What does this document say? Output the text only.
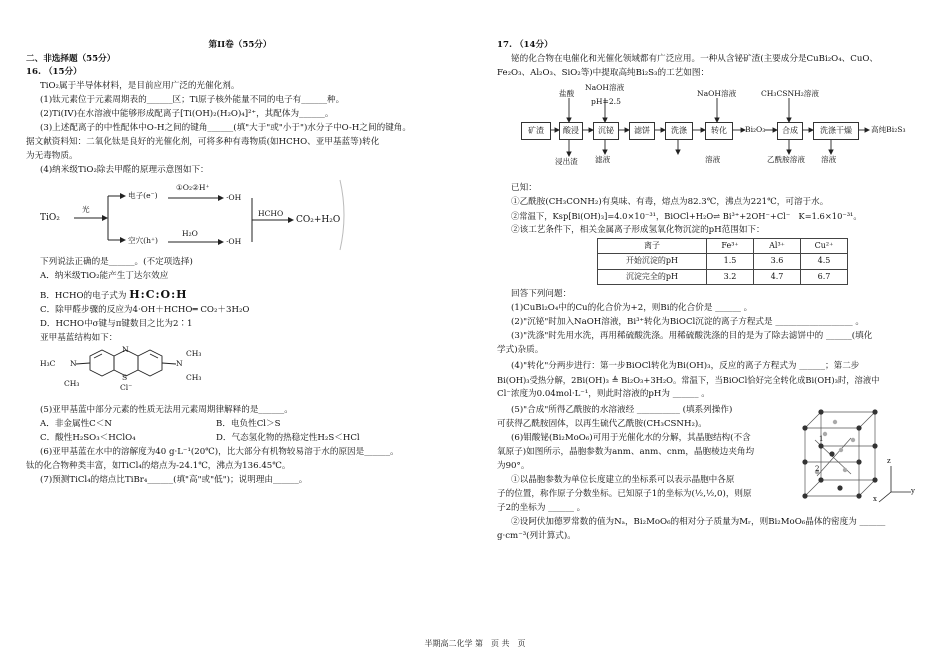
第II卷（55分）

二、非选择题（55分）

16. （15分）

TiO₂属于半导体材料，是目前应用广泛的光催化剂。

(1)钛元素位于元素周期表的______区；Ti原子核外能量不同的电子有______种。

(2)Ti(IV)在水溶液中能够形成配离子[Ti(OH)₂(H₂O)₄]²⁺，其配体为______。

(3)上述配离子的中性配体中O-H之间的键角______(填"大于"或"小于")水分子中O-H之间的键角。

据文献资料知：二氧化钛是良好的光催化剂，可将多种有毒物质(如HCHO、亚甲基蓝等)转化

为无毒物质。

(4)纳米级TiO₂除去甲醛的原理示意图如下：

TiO₂
光
电子(e⁻)
①O₂②H⁺
·OH
空穴(h⁺)
H₂O
·OH
HCHO
CO₂+H₂O

下列说法正确的是______。(不定项选择)

A．纳米级TiO₂能产生丁达尔效应

B．HCHO的电子式为 H:C:O:H

C．除甲醛步骤的反应为4·OH＋HCHO═ CO₂＋3H₂O

D．HCHO中σ键与π键数目之比为2∶1

亚甲基蓝结构如下：

N
S
Cl⁻
H₃C N
CH₃
N
CH₃
CH₃

(5)亚甲基蓝中部分元素的性质无法用元素周期律解释的是______。

A．非金属性C＜N	B．电负性Cl＞S

C．酸性H₂SO₃＜HClO₄	D．气态氢化物的热稳定性H₂S＜HCl

(6)亚甲基蓝在水中的溶解度为40 g·L⁻¹(20℃)，比大部分有机物较易溶于水的原因是______。

钛的化合物种类丰富，如TiCl₄的熔点为-24.1℃，沸点为136.45℃。

(7)预测TiCl₄的熔点比TiBr₄______(填"高"或"低")；说明理由______。

17. （14分）

铋的化合物在电催化和光催化领域都有广泛应用。一种从含铋矿渣(主要成分是CuBi₂O₄、CuO、

Fe₂O₃、Al₂O₃、SiO₂等)中提取高纯Bi₂S₃的工艺如图：

矿渣	酸浸	沉铋	滤饼	洗涤	转化	Bi₂O₃	合成	洗涤干燥	高纯Bi₂S₃
盐酸
NaOH溶液
pH=2.5
NaOH溶液	CH₃CSNH₂溶液
浸出渣 滤液	溶液	乙酰胺溶液 溶液

已知：

①乙酰胺(CH₃CONH₂)有臭味、有毒，熔点为82.3℃，沸点为221℃，可溶于水。

②常温下，Ksp[Bi(OH)₃]=4.0×10⁻³¹，BiOCl+H₂O⇌ Bi³⁺+2OH⁻+Cl⁻　K=1.6×10⁻³¹。

②该工艺条件下，相关金属离子形成氢氧化物沉淀的pH范围如下：

离子	Fe³⁺	Al³⁺	Cu²⁺
开始沉淀的pH	1.5	3.6	4.5
沉淀完全的pH	3.2	4.7	6.7

回答下列问题：

(1)CuBi₂O₄中的Cu的化合价为+2，则Bi的化合价是 ______ 。

(2)"沉铋"时加入NaOH溶液，Bi³⁺转化为BiOCl沉淀的离子方程式是 __________________ 。

(3)"洗涤"时先用水洗，再用稀硫酸洗涤。用稀硫酸洗涤的目的是为了除去滤饼中的 ______(填化

学式)杂质。

(4)"转化"分两步进行：第一步BiOCl转化为Bi(OH)₃，反应的离子方程式为 ______；第二步

Bi(OH)₃受热分解，2Bi(OH)₃ ≜ Bi₂O₃+3H₂O。常温下，当BiOCl恰好完全转化成Bi(OH)₃时，溶液中

Cl⁻浓度为0.04mol·L⁻¹，则此时溶液的pH为 ______ 。

(5)"合成"所得乙酰胺的水溶液经 __________ (填系列操作)

可获得乙酰胺固体，以再生硫代乙酰胺(CH₃CSNH₂)。

(6)钼酸铋(Bi₂MoO₆)可用于光催化水的分解，其晶胞结构(不含

氧原子)如图所示，晶胞参数为anm、anm、cnm，晶胞棱边夹角均

为90°。

①以晶胞参数为单位长度建立的坐标系可以表示晶胞中各原

子的位置，称作原子分数坐标。已知原子1的坐标为(½,½,0)，则原

子2的坐标为 ______ 。

②设阿伏加德罗常数的值为Nₐ，Bi₂MoO₆的相对分子质量为Mᵣ，则Bi₂MoO₆晶体的密度为 ______

g·cm⁻³(列计算式)。

1
2
z
y
x
半期高二化学 第　页 共　页
